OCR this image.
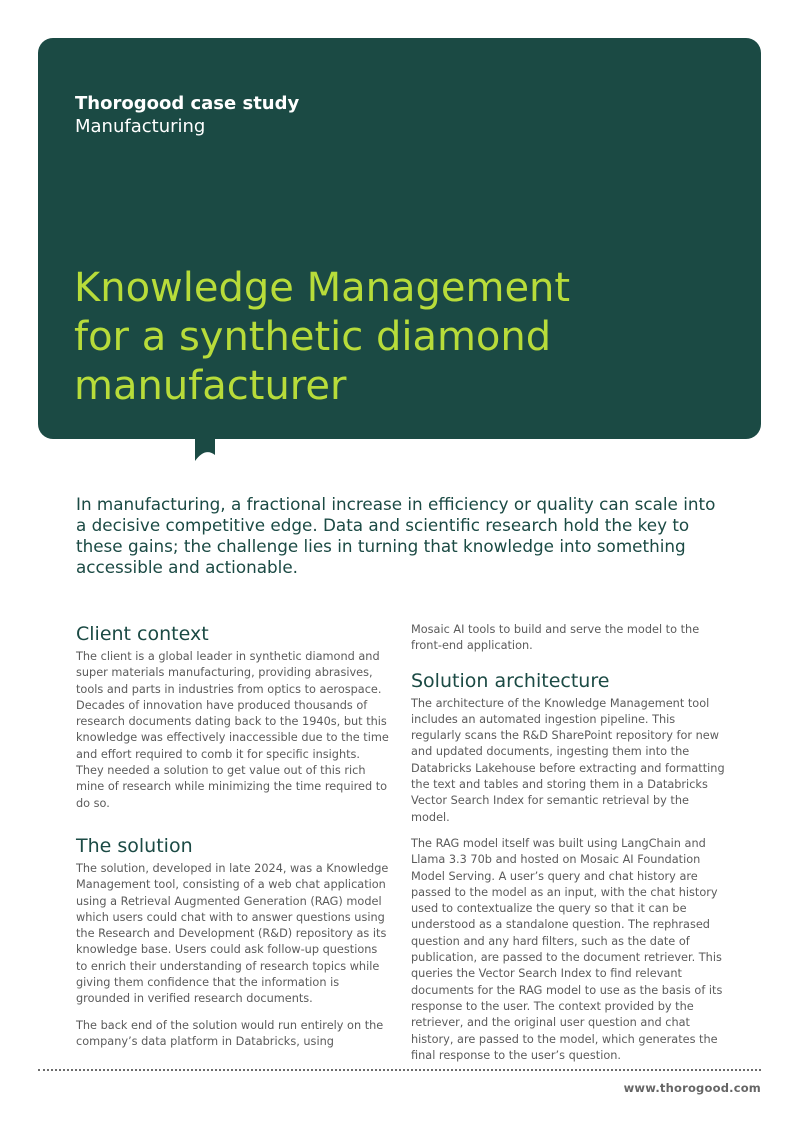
Thorogood case study
Manufacturing
Knowledge Management
for a synthetic diamond
manufacturer

In manufacturing, a fractional increase in efficiency or quality can scale into a decisive competitive edge. Data and scientific research hold the key to these gains; the challenge lies in turning that knowledge into something accessible and actionable.

Client context

The client is a global leader in synthetic diamond and super materials manufacturing, providing abrasives, tools and parts in industries from optics to aerospace. Decades of innovation have produced thousands of research documents dating back to the 1940s, but this knowledge was effectively inaccessible due to the time and effort required to comb it for specific insights. They needed a solution to get value out of this rich mine of research while minimizing the time required to do so.

The solution

The solution, developed in late 2024, was a Knowledge Management tool, consisting of a web chat application using a Retrieval Augmented Generation (RAG) model which users could chat with to answer questions using the Research and Development (R&D) repository as its knowledge base. Users could ask follow-up questions to enrich their understanding of research topics while giving them confidence that the information is grounded in verified research documents.

The back end of the solution would run entirely on the company’s data platform in Databricks, using

Mosaic AI tools to build and serve the model to the front-end application.

Solution architecture

The architecture of the Knowledge Management tool includes an automated ingestion pipeline. This regularly scans the R&D SharePoint repository for new and updated documents, ingesting them into the Databricks Lakehouse before extracting and formatting the text and tables and storing them in a Databricks Vector Search Index for semantic retrieval by the model.

The RAG model itself was built using LangChain and Llama 3.3 70b and hosted on Mosaic AI Foundation Model Serving. A user’s query and chat history are passed to the model as an input, with the chat history used to contextualize the query so that it can be understood as a standalone question. The rephrased question and any hard filters, such as the date of publication, are passed to the document retriever. This queries the Vector Search Index to find relevant documents for the RAG model to use as the basis of its response to the user. The context provided by the retriever, and the original user question and chat history, are passed to the model, which generates the final response to the user’s question.

www.thorogood.com
